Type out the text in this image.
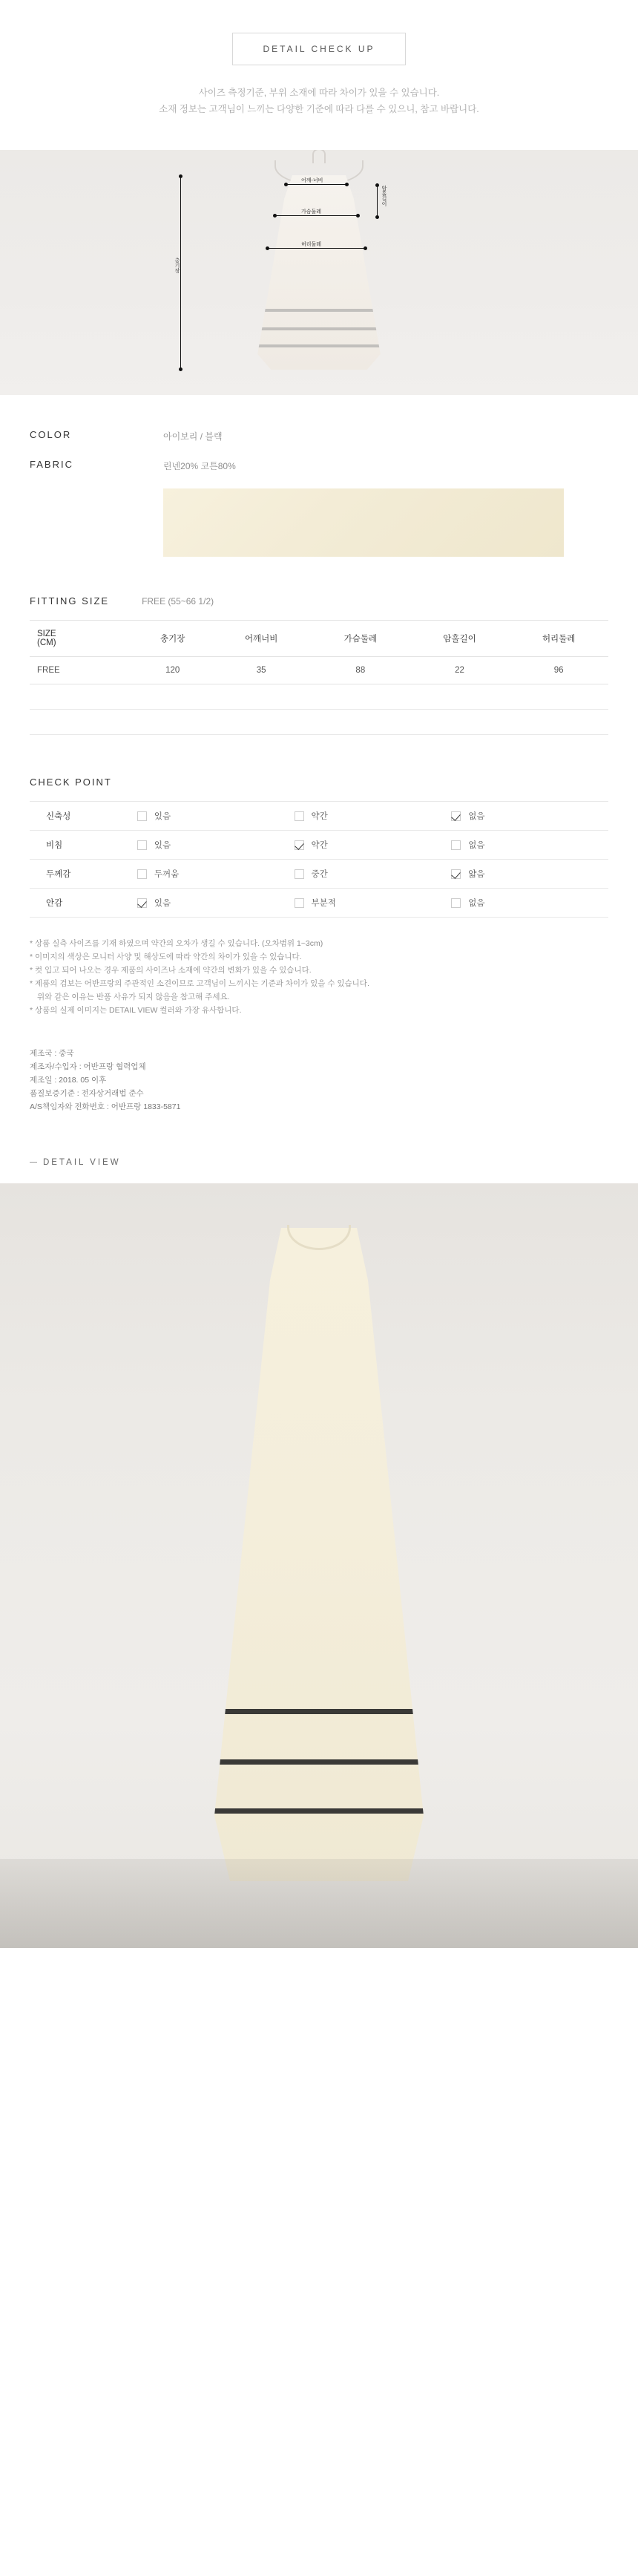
DETAIL CHECK UP
사이즈 측정기준, 부위 소재에 따라 차이가 있을 수 있습니다.
소재 정보는 고객님이 느끼는 다양한 기준에 따라 다를 수 있으니, 참고 바랍니다.
총기장
어깨-너비
가슴둘레
허리둘레
암홀길이
COLOR	아이보리 / 블랙
FABRIC	린넨20% 코튼80%
FITTING SIZE	FREE (55~66 1/2)
SIZE
(CM)	총기장	어깨너비	가슴둘레	암홀길이	허리둘레
FREE	120	35	88	22	96
CHECK POINT
신축성	있음	약간	없음

비침	있음	약간	없음

두께감	두꺼움	중간	얇음

안감	있음	부분적	없음
* 상품 실측 사이즈를 기재 하였으며 약간의 오차가 생길 수 있습니다. (오차범위 1~3cm)
* 이미지의 색상은 모니터 사양 및 해상도에 따라 약간의 차이가 있을 수 있습니다.
* 컷 입고 되어 나오는 경우 제품의 사이즈나 소재에 약간의 변화가 있을 수 있습니다.
* 제품의 검보는 어반프랑의 주관적인 소견이므로 고객님이 느끼시는 기준과 차이가 있을 수 있습니다.
위와 같은 이유는 반품 사유가 되지 않음을 참고해 주세요.
* 상품의 실제 이미지는 DETAIL VIEW 컬러와 가장 유사합니다.
제조국 : 중국
제조자/수입자 : 어반프랑 협력업체
제조일 : 2018. 05 이후
품질보증기준 : 전자상거래법 준수
A/S책임자와 전화번호 : 어반프랑 1833-5871
DETAIL VIEW
